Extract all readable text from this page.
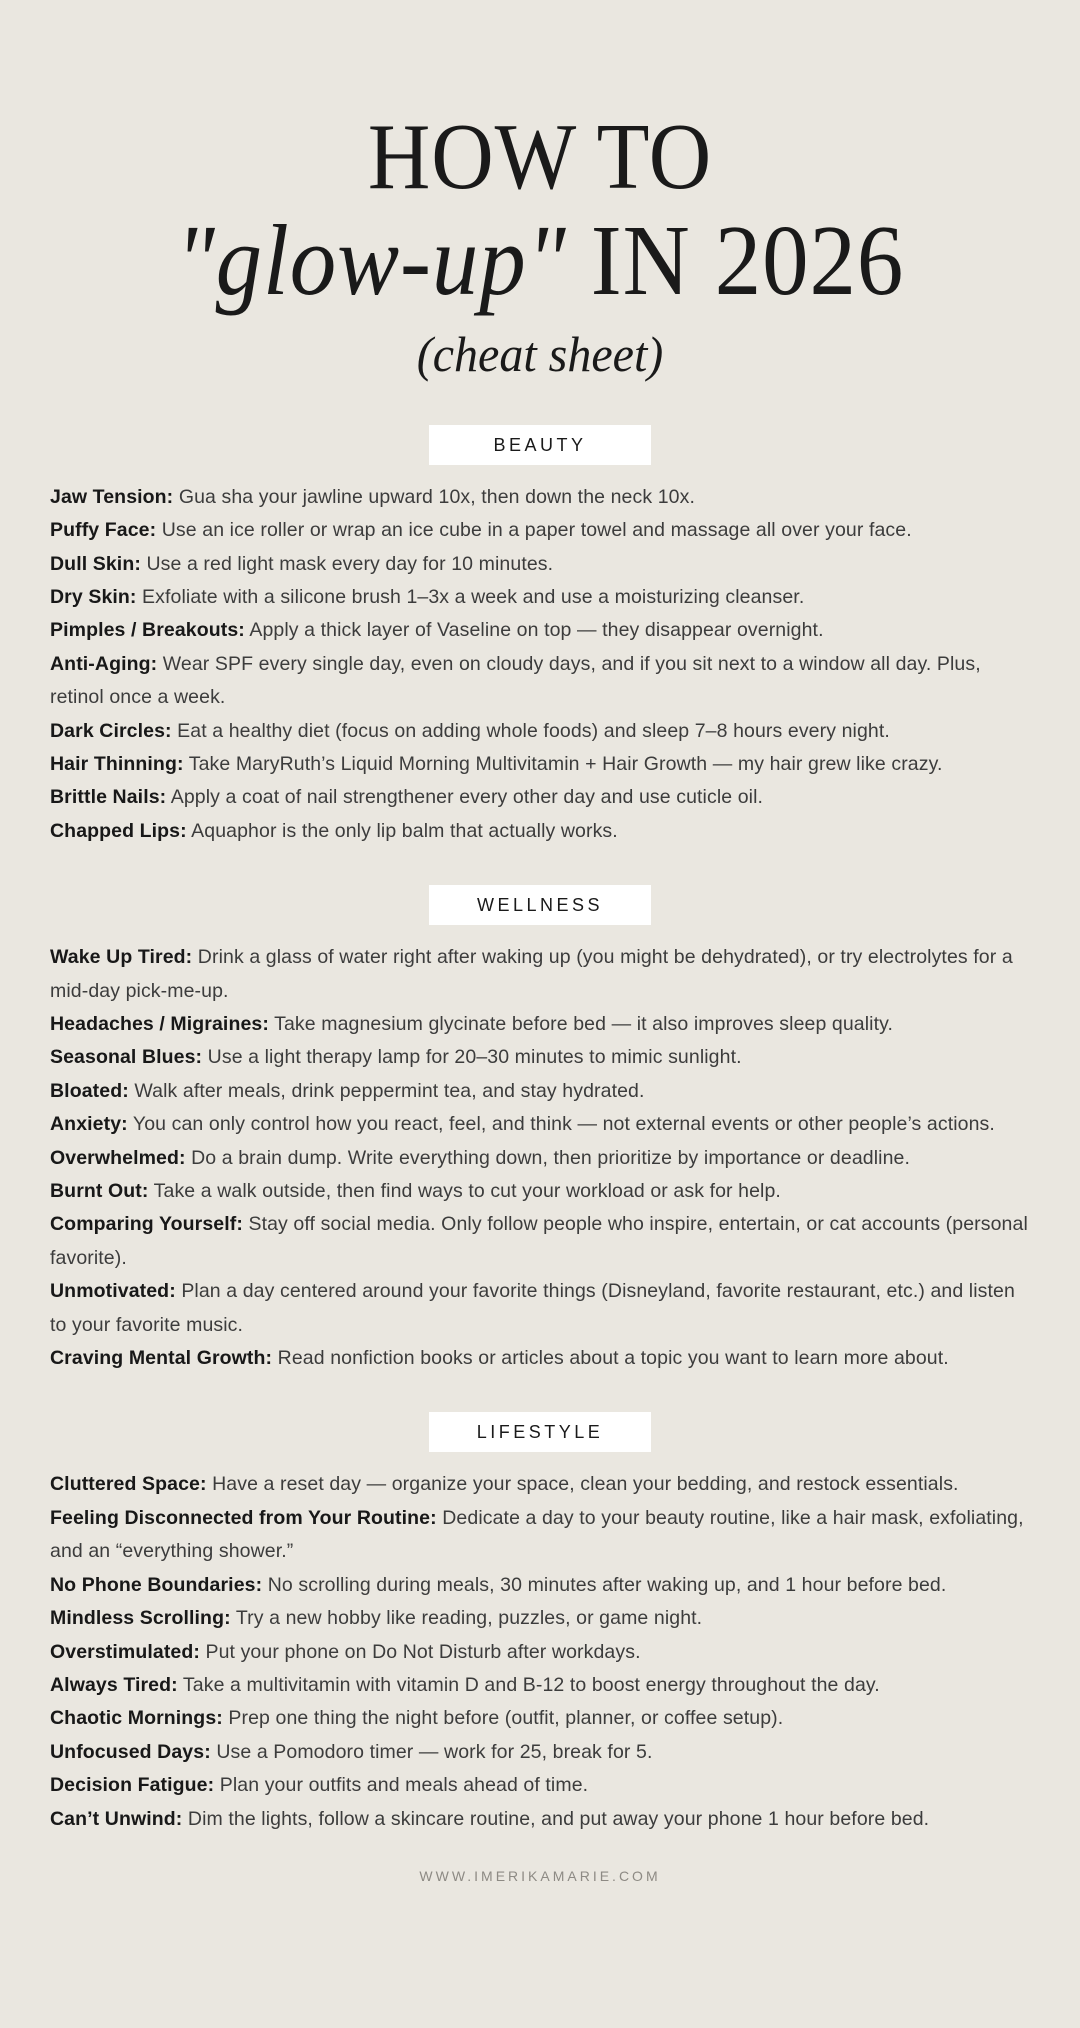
HOW TO
"glow-up" IN 2026
(cheat sheet)
BEAUTY

Jaw Tension: Gua sha your jawline upward 10x, then down the neck 10x.

Puffy Face: Use an ice roller or wrap an ice cube in a paper towel and massage all over your face.

Dull Skin: Use a red light mask every day for 10 minutes.

Dry Skin: Exfoliate with a silicone brush 1–3x a week and use a moisturizing cleanser.

Pimples / Breakouts: Apply a thick layer of Vaseline on top — they disappear overnight.

Anti-Aging: Wear SPF every single day, even on cloudy days, and if you sit next to a window all day. Plus, retinol once a week.

Dark Circles: Eat a healthy diet (focus on adding whole foods) and sleep 7–8 hours every night.

Hair Thinning: Take MaryRuth’s Liquid Morning Multivitamin + Hair Growth — my hair grew like crazy.

Brittle Nails: Apply a coat of nail strengthener every other day and use cuticle oil.

Chapped Lips: Aquaphor is the only lip balm that actually works.

WELLNESS

Wake Up Tired: Drink a glass of water right after waking up (you might be dehydrated), or try electrolytes for a mid-day pick-me-up.

Headaches / Migraines: Take magnesium glycinate before bed — it also improves sleep quality.

Seasonal Blues: Use a light therapy lamp for 20–30 minutes to mimic sunlight.

Bloated: Walk after meals, drink peppermint tea, and stay hydrated.

Anxiety: You can only control how you react, feel, and think — not external events or other people’s actions.

Overwhelmed: Do a brain dump. Write everything down, then prioritize by importance or deadline.

Burnt Out: Take a walk outside, then find ways to cut your workload or ask for help.

Comparing Yourself: Stay off social media. Only follow people who inspire, entertain, or cat accounts (personal favorite).

Unmotivated: Plan a day centered around your favorite things (Disneyland, favorite restaurant, etc.) and listen to your favorite music.

Craving Mental Growth: Read nonfiction books or articles about a topic you want to learn more about.

LIFESTYLE

Cluttered Space: Have a reset day — organize your space, clean your bedding, and restock essentials.

Feeling Disconnected from Your Routine: Dedicate a day to your beauty routine, like a hair mask, exfoliating, and an “everything shower.”

No Phone Boundaries: No scrolling during meals, 30 minutes after waking up, and 1 hour before bed.

Mindless Scrolling: Try a new hobby like reading, puzzles, or game night.

Overstimulated: Put your phone on Do Not Disturb after workdays.

Always Tired: Take a multivitamin with vitamin D and B-12 to boost energy throughout the day.

Chaotic Mornings: Prep one thing the night before (outfit, planner, or coffee setup).

Unfocused Days: Use a Pomodoro timer — work for 25, break for 5.

Decision Fatigue: Plan your outfits and meals ahead of time.

Can’t Unwind: Dim the lights, follow a skincare routine, and put away your phone 1 hour before bed.

WWW.IMERIKAMARIE.COM
